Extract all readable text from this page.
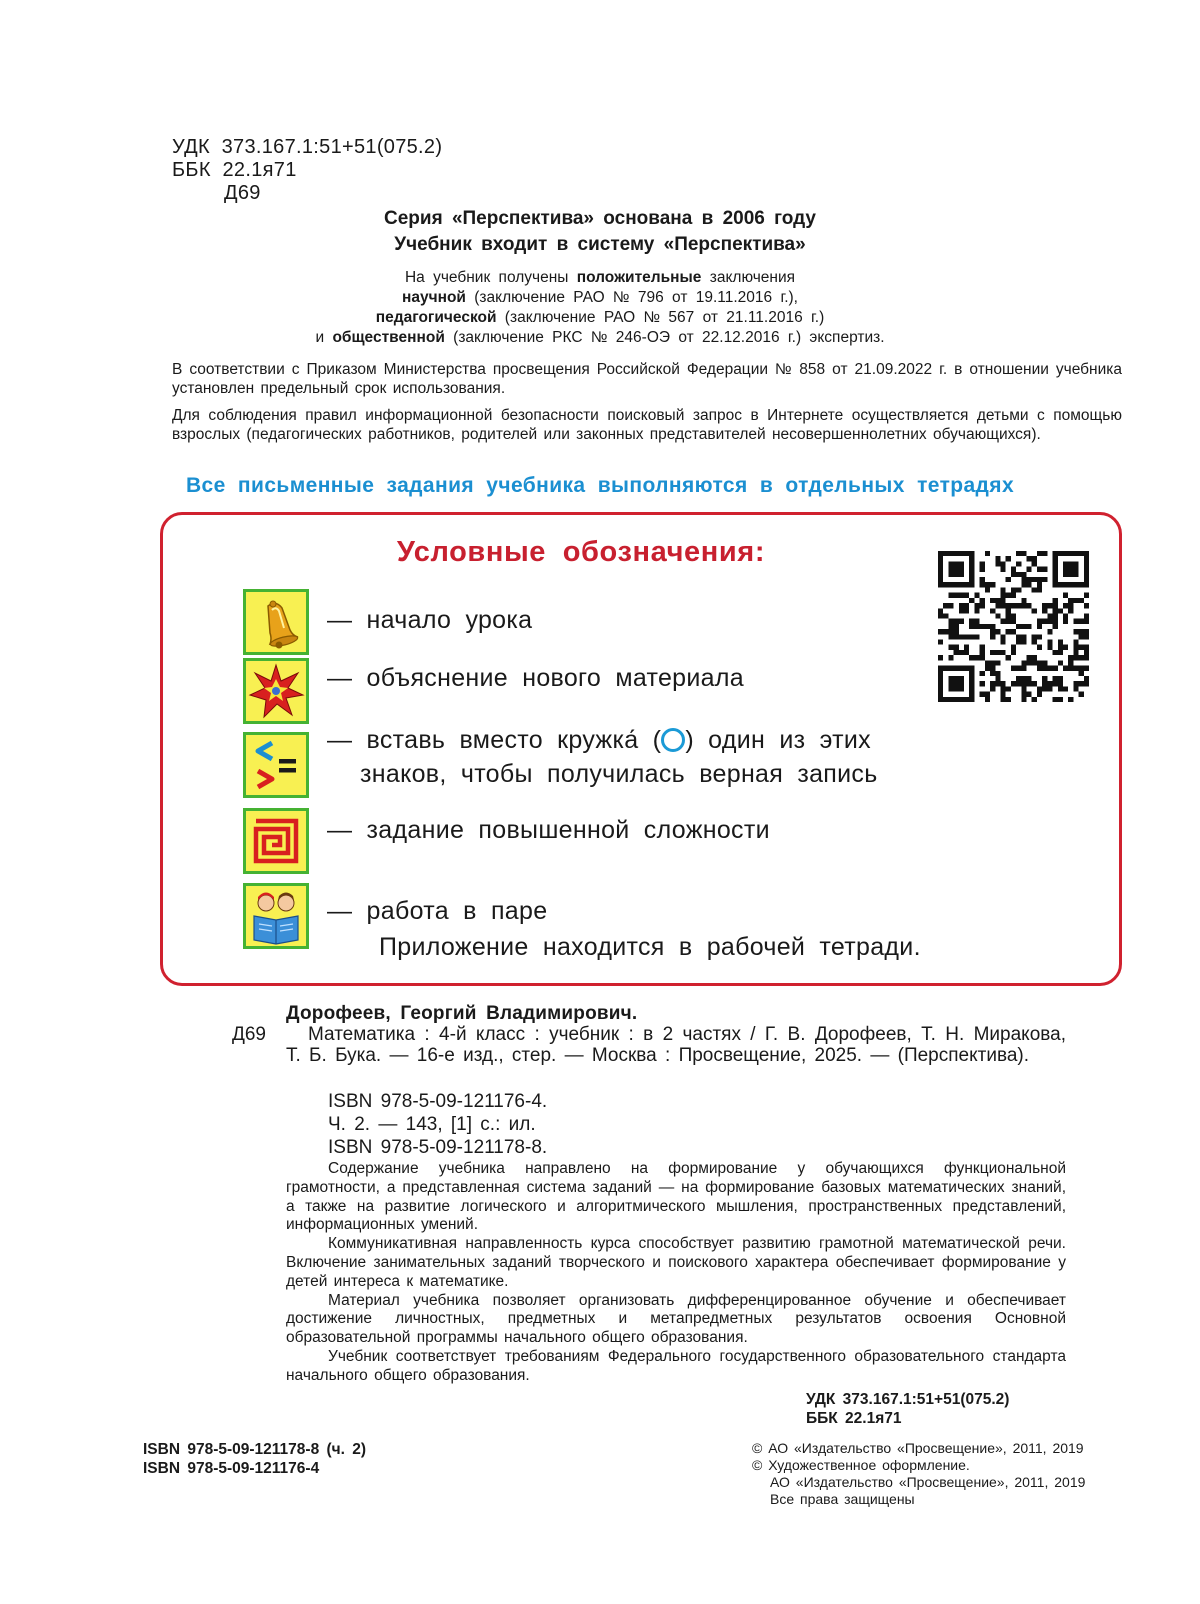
УДК  373.167.1:51+51(075.2)
ББК  22.1я71
Д69
Серия «Перспектива» основана в 2006 году
Учебник входит в систему «Перспектива»
На учебник получены положительные заключения
научной (заключение РАО № 796 от 19.11.2016 г.),
педагогической (заключение РАО № 567 от 21.11.2016 г.)
и общественной (заключение РКС № 246-ОЭ от 22.12.2016 г.) экспертиз.
В соответствии с Приказом Министерства просвещения Российской Федерации № 858 от 21.09.2022 г. в отношении учебника установлен предельный срок использования.
Для соблюдения правил информационной безопасности поисковый запрос в Интернете осуществляется детьми с помощью взрослых (педагогических работников, родителей или законных представителей несовершеннолетних обучающихся).
Все письменные задания учебника выполняются в отдельных тетрадях
Условные обозначения:
— начало урока
— объяснение нового материала
— вставь вместо кружка́ ( ) один из этих
знаков, чтобы получилась верная запись
— задание повышенной сложности
— работа в паре
Приложение находится в рабочей тетради.
Дорофеев, Георгий Владимирович.
Д69	Математика : 4-й класс : учебник : в 2 частях / Г. В. Дорофеев, Т. Н. Миракова, Т. Б. Бука. — 16-е изд., стер. — Москва : Просвещение, 2025. — (Перспектива).
ISBN 978-5-09-121176-4.
Ч. 2. — 143, [1] с.: ил.
ISBN 978-5-09-121178-8.

Содержание учебника направлено на формирование у обучающихся функциональной грамотности, а представленная система заданий — на формирование базовых математических знаний, а также на развитие логического и алгоритмического мышления, пространственных представлений, информационных умений.

Коммуникативная направленность курса способствует развитию грамотной математической речи. Включение занимательных заданий творческого и поискового характера обеспечивает формирование у детей интереса к математике.

Материал учебника позволяет организовать дифференцированное обучение и обеспечивает достижение личностных, предметных и метапредметных результатов освоения Основной образовательной программы начального общего образования.

Учебник соответствует требованиям Федерального государственного образовательного стандарта начального общего образования.

УДК 373.167.1:51+51(075.2)
ББК 22.1я71
ISBN 978-5-09-121178-8 (ч. 2)
ISBN 978-5-09-121176-4
© АО «Издательство «Просвещение», 2011, 2019
© Художественное оформление.
АО «Издательство «Просвещение», 2011, 2019
Все права защищены
